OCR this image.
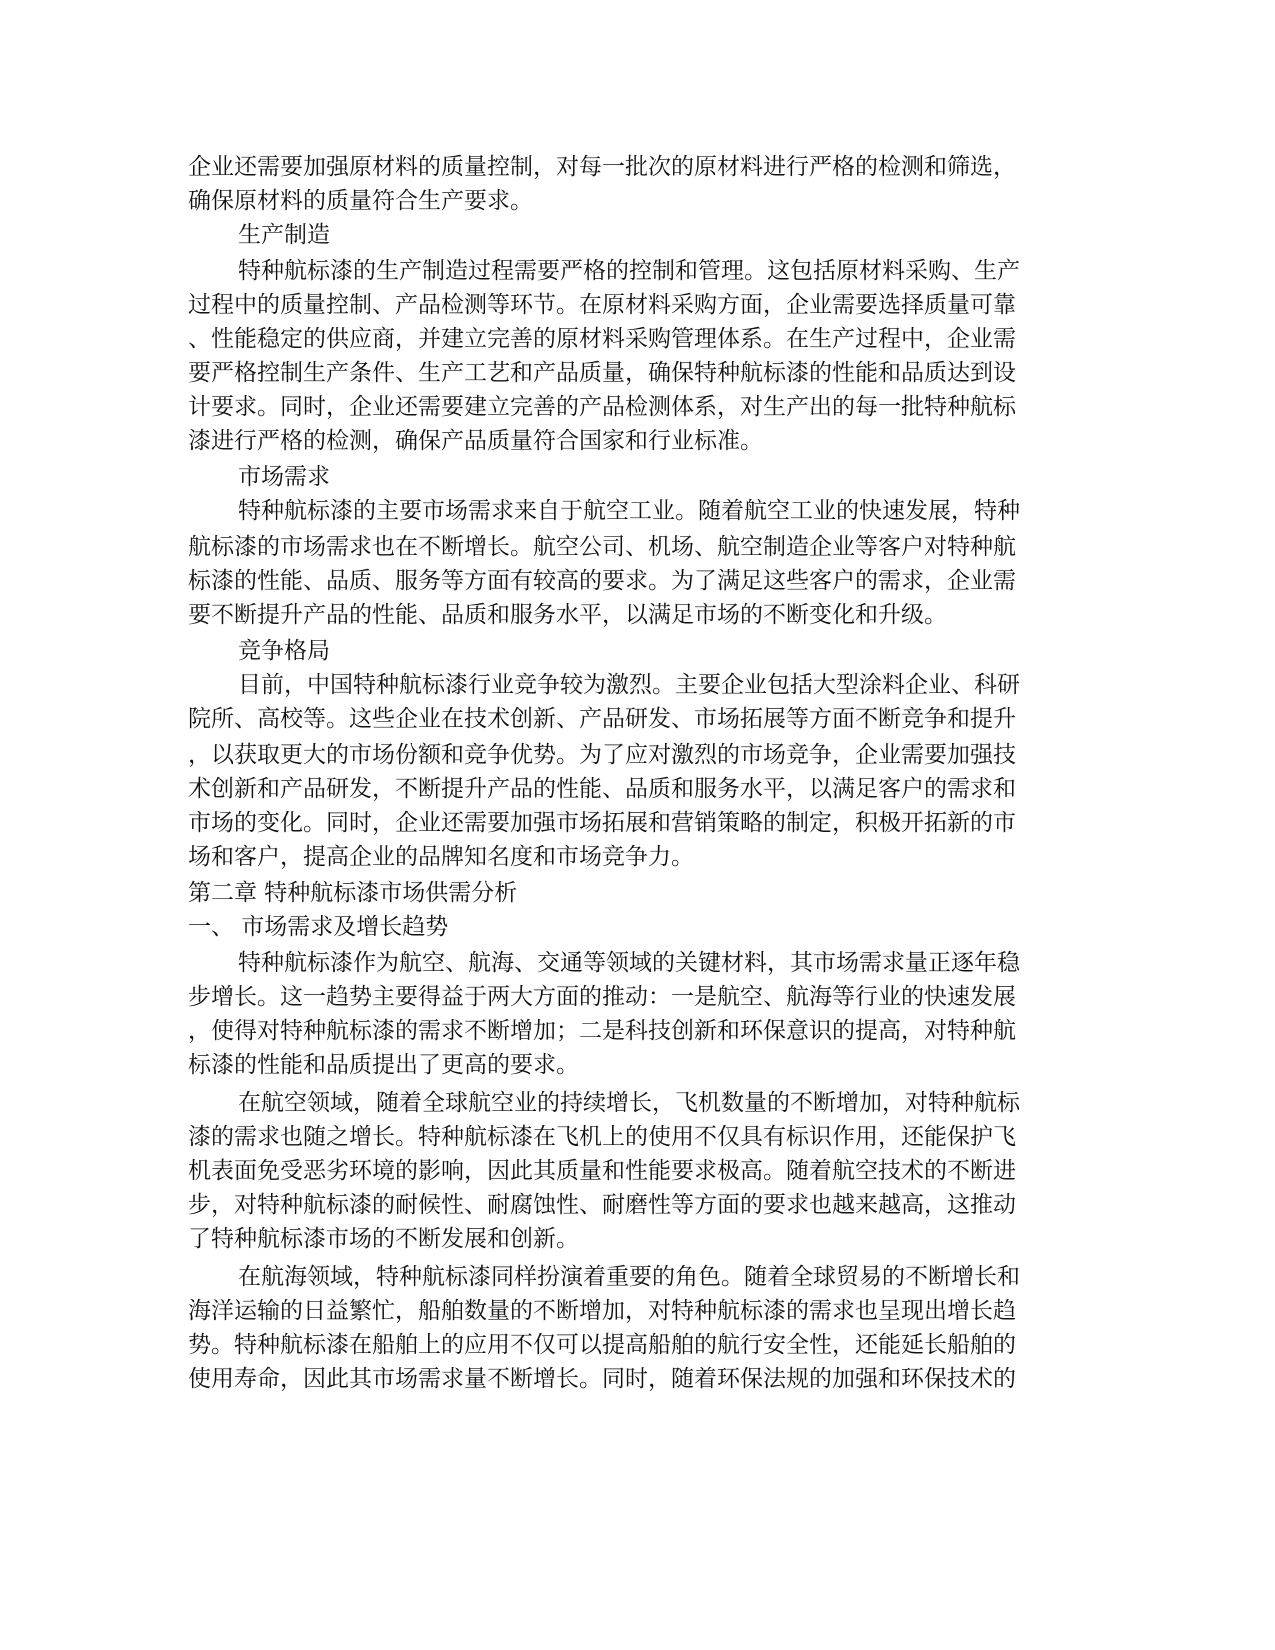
企业还需要加强原材料的质量控制，对每一批次的原材料进行严格的检测和筛选，
确保原材料的质量符合生产要求。
生产制造
特种航标漆的生产制造过程需要严格的控制和管理。这包括原材料采购、生产
过程中的质量控制、产品检测等环节。在原材料采购方面，企业需要选择质量可靠
、性能稳定的供应商，并建立完善的原材料采购管理体系。在生产过程中，企业需
要严格控制生产条件、生产工艺和产品质量，确保特种航标漆的性能和品质达到设
计要求。同时，企业还需要建立完善的产品检测体系，对生产出的每一批特种航标
漆进行严格的检测，确保产品质量符合国家和行业标准。
市场需求
特种航标漆的主要市场需求来自于航空工业。随着航空工业的快速发展，特种
航标漆的市场需求也在不断增长。航空公司、机场、航空制造企业等客户对特种航
标漆的性能、品质、服务等方面有较高的要求。为了满足这些客户的需求，企业需
要不断提升产品的性能、品质和服务水平，以满足市场的不断变化和升级。
竞争格局
目前，中国特种航标漆行业竞争较为激烈。主要企业包括大型涂料企业、科研
院所、高校等。这些企业在技术创新、产品研发、市场拓展等方面不断竞争和提升
，以获取更大的市场份额和竞争优势。为了应对激烈的市场竞争，企业需要加强技
术创新和产品研发，不断提升产品的性能、品质和服务水平，以满足客户的需求和
市场的变化。同时，企业还需要加强市场拓展和营销策略的制定，积极开拓新的市
场和客户，提高企业的品牌知名度和市场竞争力。
第二章 特种航标漆市场供需分析
一、 市场需求及增长趋势
特种航标漆作为航空、航海、交通等领域的关键材料，其市场需求量正逐年稳
步增长。这一趋势主要得益于两大方面的推动：一是航空、航海等行业的快速发展
，使得对特种航标漆的需求不断增加；二是科技创新和环保意识的提高，对特种航
标漆的性能和品质提出了更高的要求。
在航空领域，随着全球航空业的持续增长，飞机数量的不断增加，对特种航标
漆的需求也随之增长。特种航标漆在飞机上的使用不仅具有标识作用，还能保护飞
机表面免受恶劣环境的影响，因此其质量和性能要求极高。随着航空技术的不断进
步，对特种航标漆的耐候性、耐腐蚀性、耐磨性等方面的要求也越来越高，这推动
了特种航标漆市场的不断发展和创新。
在航海领域，特种航标漆同样扮演着重要的角色。随着全球贸易的不断增长和
海洋运输的日益繁忙，船舶数量的不断增加，对特种航标漆的需求也呈现出增长趋
势。特种航标漆在船舶上的应用不仅可以提高船舶的航行安全性，还能延长船舶的
使用寿命，因此其市场需求量不断增长。同时，随着环保法规的加强和环保技术的
